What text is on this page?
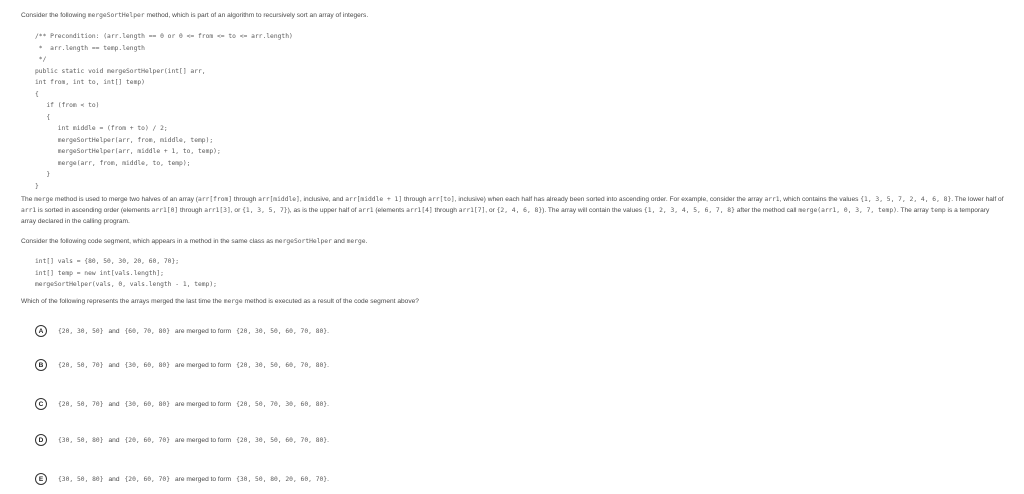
Consider the following mergeSortHelper method, which is part of an algorithm to recursively sort an array of integers.
/** Precondition: (arr.length == 0 or 0 <= from <= to <= arr.length)
*  arr.length == temp.length
*/
public static void mergeSortHelper(int[] arr,
int from, int to, int[] temp)
{
if (from < to)
{
int middle = (from + to) / 2;
mergeSortHelper(arr, from, middle, temp);
mergeSortHelper(arr, middle + 1, to, temp);
merge(arr, from, middle, to, temp);
}
}
The merge method is used to merge two halves of an array (arr[from] through arr[middle], inclusive, and arr[middle + 1] through arr[to], inclusive) when each half has already been sorted into ascending order. For example, consider the array arr1, which contains the values {1, 3, 5, 7, 2, 4, 6, 8}. The lower half of arr1 is sorted in ascending order (elements arr1[0] through arr1[3], or {1, 3, 5, 7}), as is the upper half of arr1 (elements arr1[4] through arr1[7], or {2, 4, 6, 8}). The array will contain the values {1, 2, 3, 4, 5, 6, 7, 8} after the method call merge(arr1, 0, 3, 7, temp). The array temp is a temporary array declared in the calling program.
Consider the following code segment, which appears in a method in the same class as mergeSortHelper and merge.
int[] vals = {80, 50, 30, 20, 60, 70};
int[] temp = new int[vals.length];
mergeSortHelper(vals, 0, vals.length - 1, temp);
Which of the following represents the arrays merged the last time the merge method is executed as a result of the code segment above?
A	{20, 30, 50} and {60, 70, 80} are merged to form {20, 30, 50, 60, 70, 80} .
B	{20, 50, 70} and {30, 60, 80} are merged to form {20, 30, 50, 60, 70, 80} .
C	{20, 50, 70} and {30, 60, 80} are merged to form {20, 50, 70, 30, 60, 80} .
D	{30, 50, 80} and {20, 60, 70} are merged to form {20, 30, 50, 60, 70, 80} .
E	{30, 50, 80} and {20, 60, 70} are merged to form {30, 50, 80, 20, 60, 70} .
